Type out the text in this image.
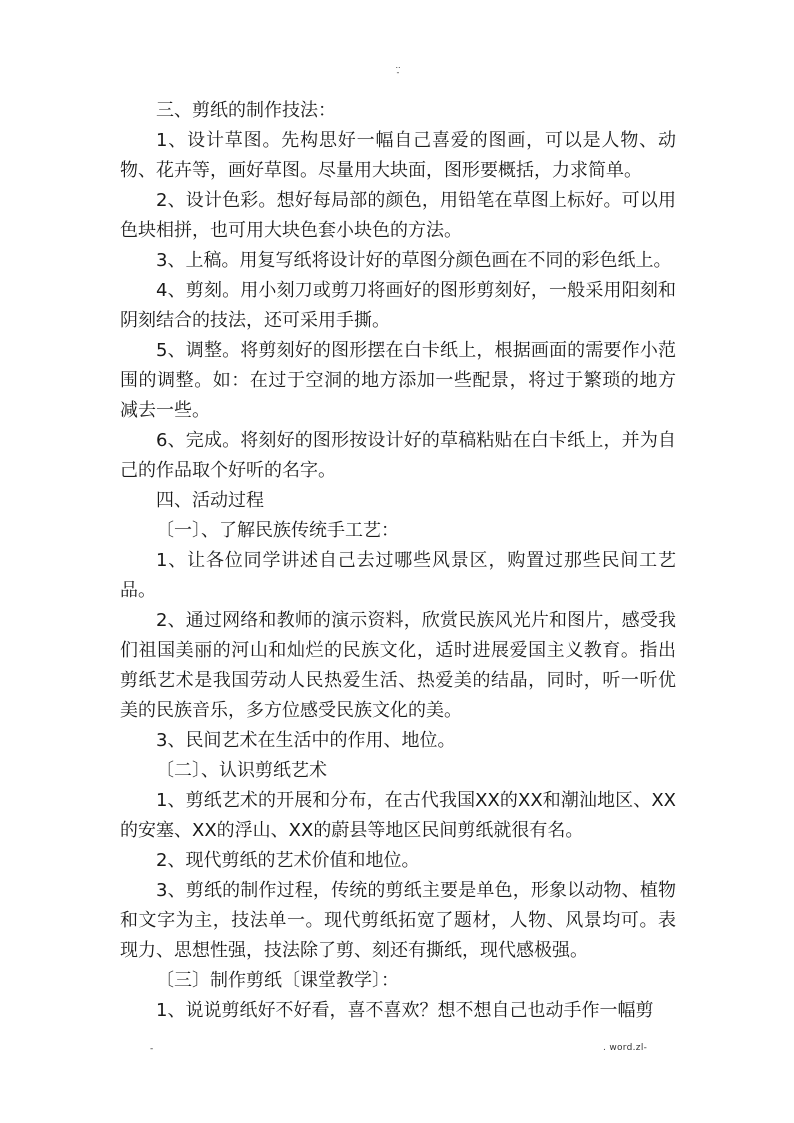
..
-

三、剪纸的制作技法：

1、设计草图。先构思好一幅自己喜爱的图画，可以是人物、动物、花卉等，画好草图。尽量用大块面，图形要概括，力求简单。

2、设计色彩。想好每局部的颜色，用铅笔在草图上标好。可以用色块相拼，也可用大块色套小块色的方法。

3、上稿。用复写纸将设计好的草图分颜色画在不同的彩色纸上。

4、剪刻。用小刻刀或剪刀将画好的图形剪刻好，一般采用阳刻和阴刻结合的技法，还可采用手撕。

5、调整。将剪刻好的图形摆在白卡纸上，根据画面的需要作小范围的调整。如：在过于空洞的地方添加一些配景，将过于繁琐的地方减去一些。

6、完成。将刻好的图形按设计好的草稿粘贴在白卡纸上，并为自己的作品取个好听的名字。

四、活动过程

〔一〕、了解民族传统手工艺：

1、让各位同学讲述自己去过哪些风景区，购置过那些民间工艺品。

2、通过网络和教师的演示资料，欣赏民族风光片和图片，感受我们祖国美丽的河山和灿烂的民族文化，适时进展爱国主义教育。指出剪纸艺术是我国劳动人民热爱生活、热爱美的结晶，同时，听一听优美的民族音乐，多方位感受民族文化的美。

3、民间艺术在生活中的作用、地位。

〔二〕、认识剪纸艺术

1、剪纸艺术的开展和分布，在古代我国XX的XX和潮汕地区、XX的安塞、XX的浮山、XX的蔚县等地区民间剪纸就很有名。

2、现代剪纸的艺术价值和地位。

3、剪纸的制作过程，传统的剪纸主要是单色，形象以动物、植物和文字为主，技法单一。现代剪纸拓宽了题材，人物、风景均可。表现力、思想性强，技法除了剪、刻还有撕纸，现代感极强。

〔三〕制作剪纸〔课堂教学〕：

1、说说剪纸好不好看，喜不喜欢？想不想自己也动手作一幅剪

-	. word.zl-
